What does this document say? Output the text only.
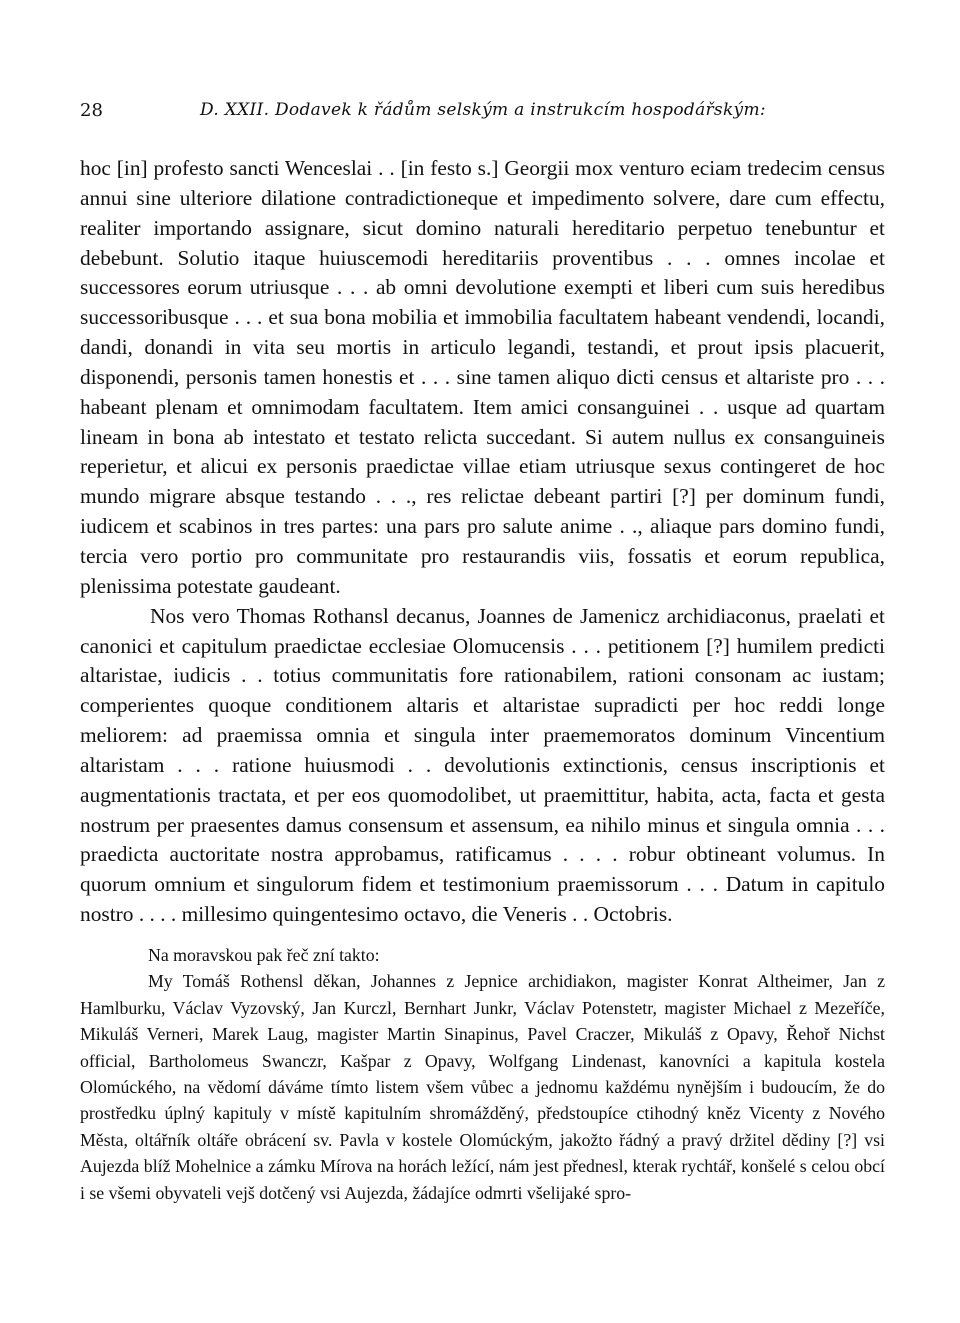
28	D. XXII. Dodavek k řádům selským a instrukcím hospodářským:

hoc [in] profesto sancti Wenceslai . . [in festo s.] Georgii mox venturo eciam tredecim census annui sine ulteriore dilatione contradictioneque et impedimento solvere, dare cum effectu, realiter importando assignare, sicut domino naturali hereditario perpetuo tenebuntur et debebunt. Solutio itaque huiuscemodi hereditariis proventibus . . . omnes incolae et successores eorum utriusque . . . ab omni devolutione exempti et liberi cum suis heredibus successoribusque . . . et sua bona mobilia et immobilia facultatem habeant vendendi, locandi, dandi, donandi in vita seu mortis in articulo legandi, testandi, et prout ipsis placuerit, disponendi, personis tamen honestis et . . . sine tamen aliquo dicti census et altariste pro . . . habeant plenam et omnimodam facultatem. Item amici consanguinei . . usque ad quartam lineam in bona ab intestato et testato relicta succedant. Si autem nullus ex consanguineis reperietur, et alicui ex personis praedictae villae etiam utriusque sexus contingeret de hoc mundo migrare absque testando . . ., res relictae debeant partiri [?] per dominum fundi, iudicem et scabinos in tres partes: una pars pro salute anime . ., aliaque pars domino fundi, tercia vero portio pro communitate pro restaurandis viis, fossatis et eorum republica, plenissima potestate gaudeant.

Nos vero Thomas Rothansl decanus, Joannes de Jamenicz archidiaconus, praelati et canonici et capitulum praedictae ecclesiae Olomucensis . . . petitionem [?] humilem predicti altaristae, iudicis . . totius communitatis fore rationabilem, rationi consonam ac iustam; comperientes quoque conditionem altaris et altaristae supradicti per hoc reddi longe meliorem: ad praemissa omnia et singula inter praememoratos dominum Vincentium altaristam . . . ratione huiusmodi . . devolutionis extinctionis, census inscriptionis et augmentationis tractata, et per eos quomodolibet, ut praemittitur, habita, acta, facta et gesta nostrum per praesentes damus consensum et assensum, ea nihilo minus et singula omnia . . . praedicta auctoritate nostra approbamus, ratificamus . . . . robur obtineant volumus. In quorum omnium et singulorum fidem et testimonium praemissorum . . . Datum in capitulo nostro . . . . millesimo quingentesimo octavo, die Veneris . . Octobris.

Na moravskou pak řeč zní takto:

My Tomáš Rothensl děkan, Johannes z Jepnice archidiakon, magister Konrat Altheimer, Jan z Hamlburku, Václav Vyzovský, Jan Kurczl, Bernhart Junkr, Václav Potenstetr, magister Michael z Mezeříče, Mikuláš Verneri, Marek Laug, magister Martin Sinapinus, Pavel Craczer, Mikuláš z Opavy, Řehoř Nichst official, Bartholomeus Swanczr, Kašpar z Opavy, Wolfgang Lindenast, kanovníci a kapitula kostela Olomúckého, na vědomí dáváme tímto listem všem vůbec a jednomu každému nynějším i budoucím, že do prostředku úplný kapituly v místě kapitulním shromážděný, předstoupíce ctihodný kněz Vicenty z Nového Města, oltářník oltáře obrácení sv. Pavla v kostele Olomúckým, jakožto řádný a pravý držitel dědiny [?] vsi Aujezda blíž Mohelnice a zámku Mírova na horách ležící, nám jest přednesl, kterak rychtář, konšelé s celou obcí i se všemi obyvateli vejš dotčený vsi Aujezda, žádajíce odmrti všelijaké spro-
